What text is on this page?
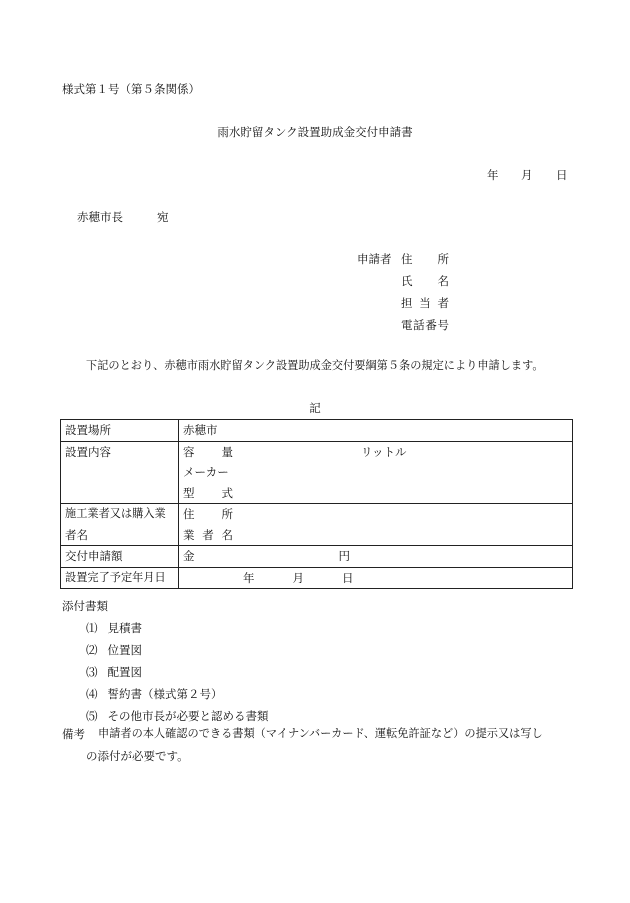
様式第１号（第５条関係）
雨水貯留タンク設置助成金交付申請書
年 月 日
赤穂市長	宛
申請者 住　所
氏　名
担当者
電話番号
下記のとおり、赤穂市雨水貯留タンク設置助成金交付要綱第５条の規定により申請します。
記
設置場所	赤穂市

設置内容	容　量 リットル
メーカー
型　式

施工業者又は購入業
者名	住　所
業者名

交付申請額	金 円

設置完了予定年月日	年 月 日
添付書類
⑴ 見積書
⑵ 位置図
⑶ 配置図
⑷ 誓約書（様式第２号）
⑸ その他市長が必要と認める書類
備考 申請者の本人確認のできる書類（マイナンバーカード、運転免許証など）の提示又は写し
の添付が必要です。
